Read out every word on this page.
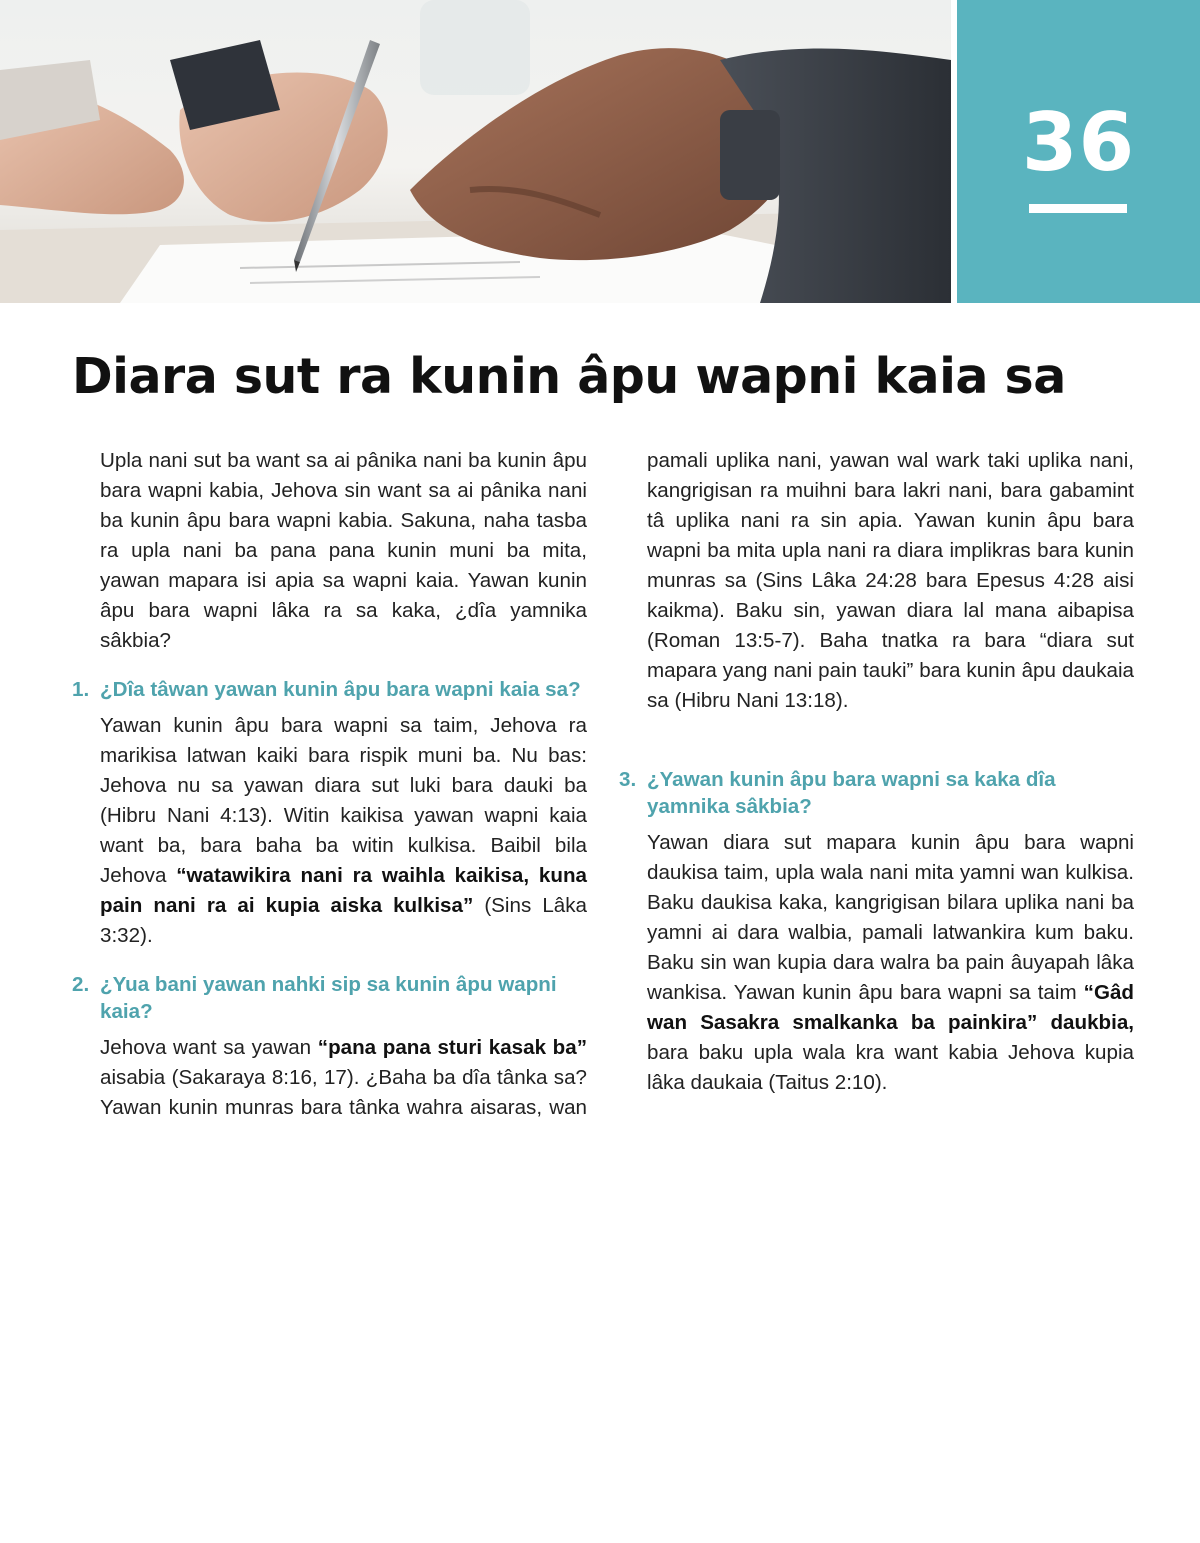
36
Diara sut ra kunin âpu wapni kaia sa

Upla nani sut ba want sa ai pânika nani ba kunin âpu bara wapni kabia, Jehova sin want sa ai pânika nani ba kunin âpu bara wapni kabia. Sakuna, naha tasba ra upla nani ba pana pana kunin muni ba mita, yawan mapara isi apia sa wapni kaia. Yawan kunin âpu bara wapni lâka ra sa kaka, ¿dîa yamnika sâkbia?

1. ¿Dîa tâwan yawan kunin âpu bara wapni kaia sa?

Yawan kunin âpu bara wapni sa taim, Jehova ra marikisa latwan kaiki bara rispik muni ba. Nu bas: Jehova nu sa yawan diara sut luki bara dauki ba (Hibru Nani 4:13). Witin kaikisa yawan wapni kaia want ba, bara baha ba witin kulkisa. Baibil bila Jehova “watawikira nani ra waihla kaikisa, kuna pain nani ra ai kupia aiska kulkisa” (Sins Lâka 3:32).

2. ¿Yua bani yawan nahki sip sa kunin âpu wapni kaia?

Jehova want sa yawan “pana pana sturi kasak ba” aisabia (Sakaraya 8:16, 17). ¿Baha ba dîa tânka sa? Yawan kunin munras bara tânka wahra aisaras, wan

pamali uplika nani, yawan wal wark taki uplika nani, kangrigisan ra muihni bara lakri nani, bara gabamint tâ uplika nani ra sin apia. Yawan kunin âpu bara wapni ba mita upla nani ra diara implikras bara kunin munras sa (Sins Lâka 24:28 bara Epesus 4:28 aisi kaikma). Baku sin, yawan diara lal mana aibapisa (Roman 13:5-7). Baha tnatka ra bara “diara sut mapara yang nani pain tauki” bara kunin âpu daukaia sa (Hibru Nani 13:18).

3. ¿Yawan kunin âpu bara wapni sa kaka dîa yamnika sâkbia?

Yawan diara sut mapara kunin âpu bara wapni daukisa taim, upla wala nani mita yamni wan kulkisa. Baku daukisa kaka, kangrigisan bilara uplika nani ba yamni ai dara walbia, pamali latwankira kum baku. Baku sin wan kupia dara walra ba pain âuyapah lâka wankisa. Yawan kunin âpu bara wapni sa taim “Gâd wan Sasakra smalkanka ba painkira” daukbia, bara baku upla wala kra want kabia Jehova kupia lâka daukaia (Taitus 2:10).
